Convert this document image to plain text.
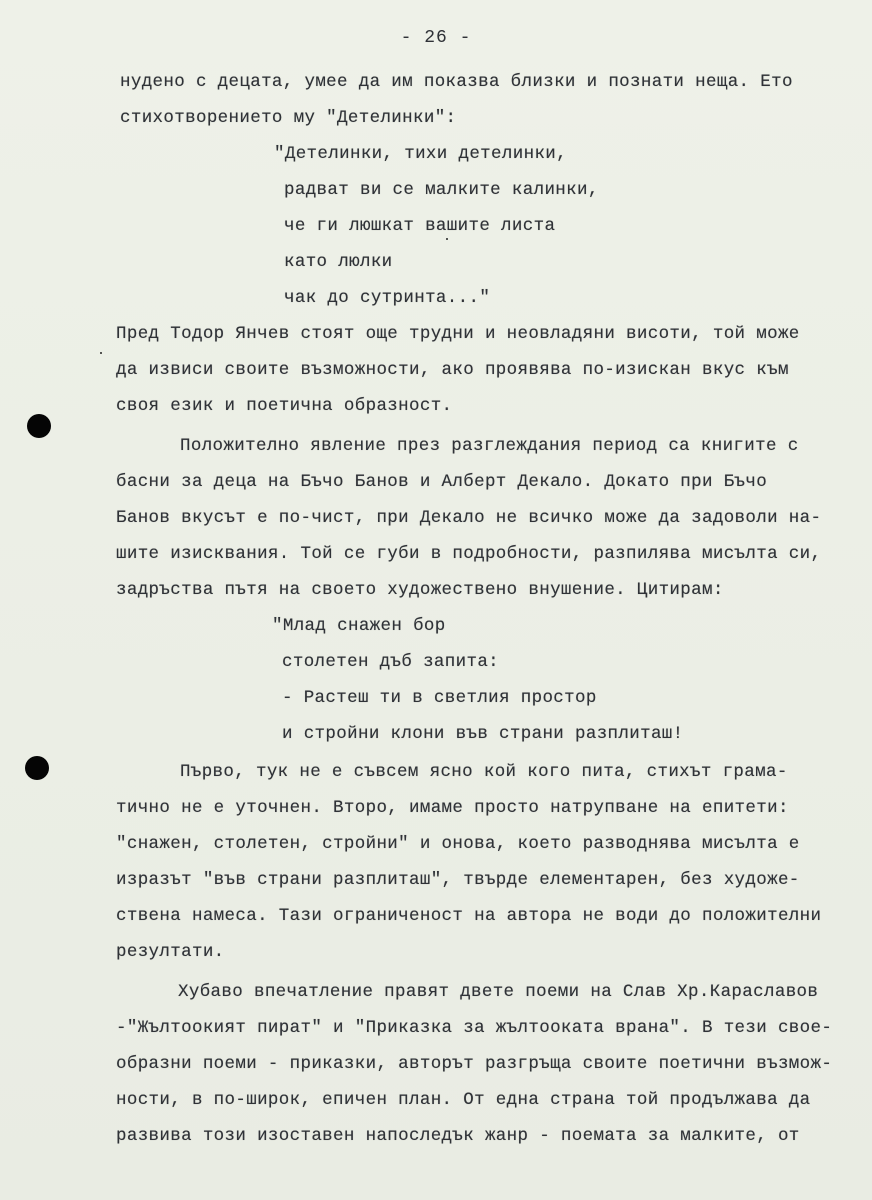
- 26 -
нудено с децата, умее да им показва близки и познати неща. Ето
стихотворението му "Детелинки":
"Детелинки, тихи детелинки,
радват ви се малките калинки,
че ги люшкат вашите листа
като люлки
чак до сутринта..."
Пред Тодор Янчев стоят още трудни и неовладяни висоти, той може
да извиси своите възможности, ако проявява по-изискан вкус към
своя език и поетична образност.
Положително явление през разглеждания период са книгите с
басни за деца на Бъчо Банов и Алберт Декало. Докато при Бъчо
Банов вкусът е по-чист, при Декало не всичко може да задоволи на-
шите изисквания. Той се губи в подробности, разпилява мисълта си,
задръства пътя на своето художествено внушение. Цитирам:
"Млад снажен бор
столетен дъб запита:
- Растеш ти в светлия простор
и стройни клони във страни разплиташ!
Първо, тук не е съвсем ясно кой кого пита, стихът грама-
тично не е уточнен. Второ, имаме просто натрупване на епитети:
"снажен, столетен, стройни" и онова, което разводнява мисълта е
изразът "във страни разплиташ", твърде елементарен, без художе-
ствена намеса. Тази ограниченост на автора не води до положителни
резултати.
Хубаво впечатление правят двете поеми на Слав Хр.Караславов
-"Жълтоокият пират" и "Приказка за жълтооката врана". В тези свое-
образни поеми - приказки, авторът разгръща своите поетични възмож-
ности, в по-широк, епичен план. От една страна той продължава да
развива този изоставен напоследък жанр - поемата за малките, от
